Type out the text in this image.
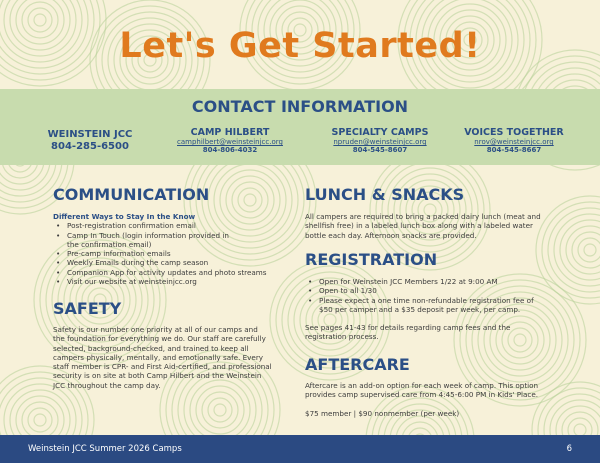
Let's Get Started!
CONTACT INFORMATION
WEINSTEIN JCC
804-285-6500
CAMP HILBERT
camphilbert@weinsteinjcc.org
804-806-4032
SPECIALTY CAMPS
npruden@weinsteinjcc.org
804-545-8607
VOICES TOGETHER
nrov@weinsteinjcc.org
804-545-8667
COMMUNICATION
Different Ways to Stay In the Know
• Post-registration confirmation email
• Camp In Touch (login information provided in
the confirmation email)
• Pre-camp information emails
• Weekly Emails during the camp season
• Companion App for activity updates and photo streams
• Visit our website at weinsteinjcc.org
SAFETY
Safety is our number one priority at all of our camps and
the foundation for everything we do. Our staff are carefully
selected, background-checked, and trained to keep all
campers physically, mentally, and emotionally safe. Every
staff member is CPR- and First Aid-certified, and professional
security is on site at both Camp Hilbert and the Weinstein
JCC throughout the camp day.
LUNCH & SNACKS
All campers are required to bring a packed dairy lunch (meat and
shellfish free) in a labeled lunch box along with a labeled water
bottle each day. Afternoon snacks are provided.
REGISTRATION
• Open for Weinstein JCC Members 1/22 at 9:00 AM
• Open to all 1/30
• Please expect a one time non-refundable registration fee of
$50 per camper and a $35 deposit per week, per camp.
See pages 41-43 for details regarding camp fees and the
registration process.
AFTERCARE
Aftercare is an add-on option for each week of camp. This option
provides camp supervised care from 4:45-6:00 PM in Kids' Place.
$75 member | $90 nonmember (per week)
Weinstein JCC Summer 2026 Camps	6
